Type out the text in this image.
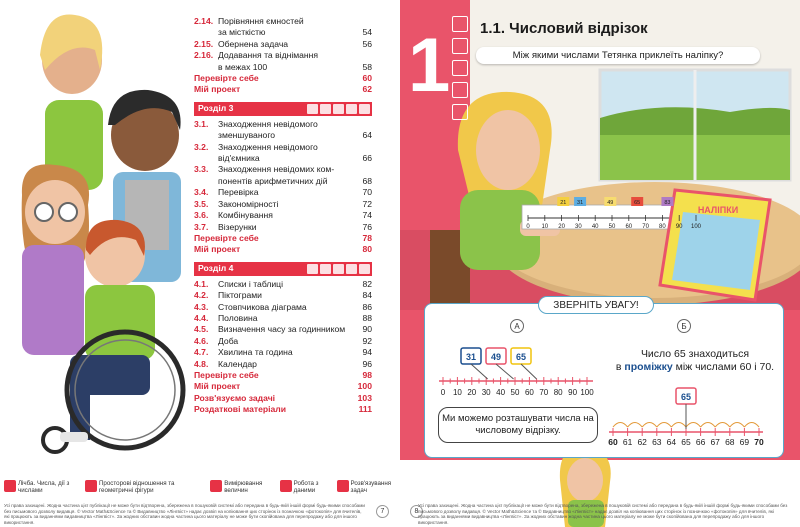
2.14. Порівняння ємностей
за місткістю	54
2.15. Обернена задача	56
2.16. Додавання та віднімання
в межах 100	58
Перевірте себе	60
Мій проект	62
Розділ 3
3.1.	Знаходження невідомого
зменшуваного	64
3.2.	Знаходження невідомого
від'ємника	66
3.3.	Знаходження невідомих ком-
понентів арифметичних дій	68
3.4.	Перевірка	70
3.5.	Закономірності	72
3.6.	Комбінування	74
3.7.	Візерунки	76
Перевірте себе	78
Мій проект	80
Розділ 4
4.1.	Списки і таблиці	82
4.2.	Піктограми	84
4.3.	Стовпчикова діаграма	86
4.4.	Половина	88
4.5.	Визначення часу за годинником	90
4.6.	Доба	92
4.7.	Хвилина та година	94
4.8.	Календар	96
Перевірте себе	98
Мій проект	100
Розв'язуємо задачі	103
Роздаткові матеріали	111
Лічба. Числа, дії з числами
Просторові відношення та геометричні фігури
Вимірювання величин
Робота з даними
Розв'язування задач
Усі права захищені. Жодна частина цієї публікації не може бути відтворена, збережена в пошуковій системі або передана в будь-якій іншій формі будь-якими способами без письмового дозволу видавця. © Vector Math&Science та © Видавництво «Лінгвіст» надає дозвіл на копіювання цих сторінок із позначкою «фотокопія» для вчителів, які працюють за виданнями видавництва «Лінгвіст». За жодних обставин жодна частина цього матеріалу не може бути скопійована для перепродажу або для іншого використання.
7
0 10 20 30 40 50 60 70 80 90 100
21 31	49	65	83
НАЛІПКИ
1 1.1. Числовий відрізок
Між якими числами Тетянка приклеїть наліпку?
А	Б
0 10 20 30 40 50 60 70 80 90 100
31 49 65
60 61 62 63 64 65 66 67 68 69 70
65
Число 65 знаходиться
в проміжку між числами 60 і 70.
Ми можемо розташувати числа на числовому відрізку.
ЗВЕРНІТЬ УВАГУ!
8
Усі права захищені. Жодна частина цієї публікації не може бути відтворена, збережена в пошуковій системі або передана в будь-якій іншій формі будь-якими способами без письмового дозволу видавця. © Vector Math&Science та © Видавництво «Лінгвіст» надає дозвіл на копіювання цих сторінок із позначкою «фотокопія» для вчителів, які працюють за виданнями видавництва «Лінгвіст». За жодних обставин жодна частина цього матеріалу не може бути скопійована для перепродажу або для іншого використання.
